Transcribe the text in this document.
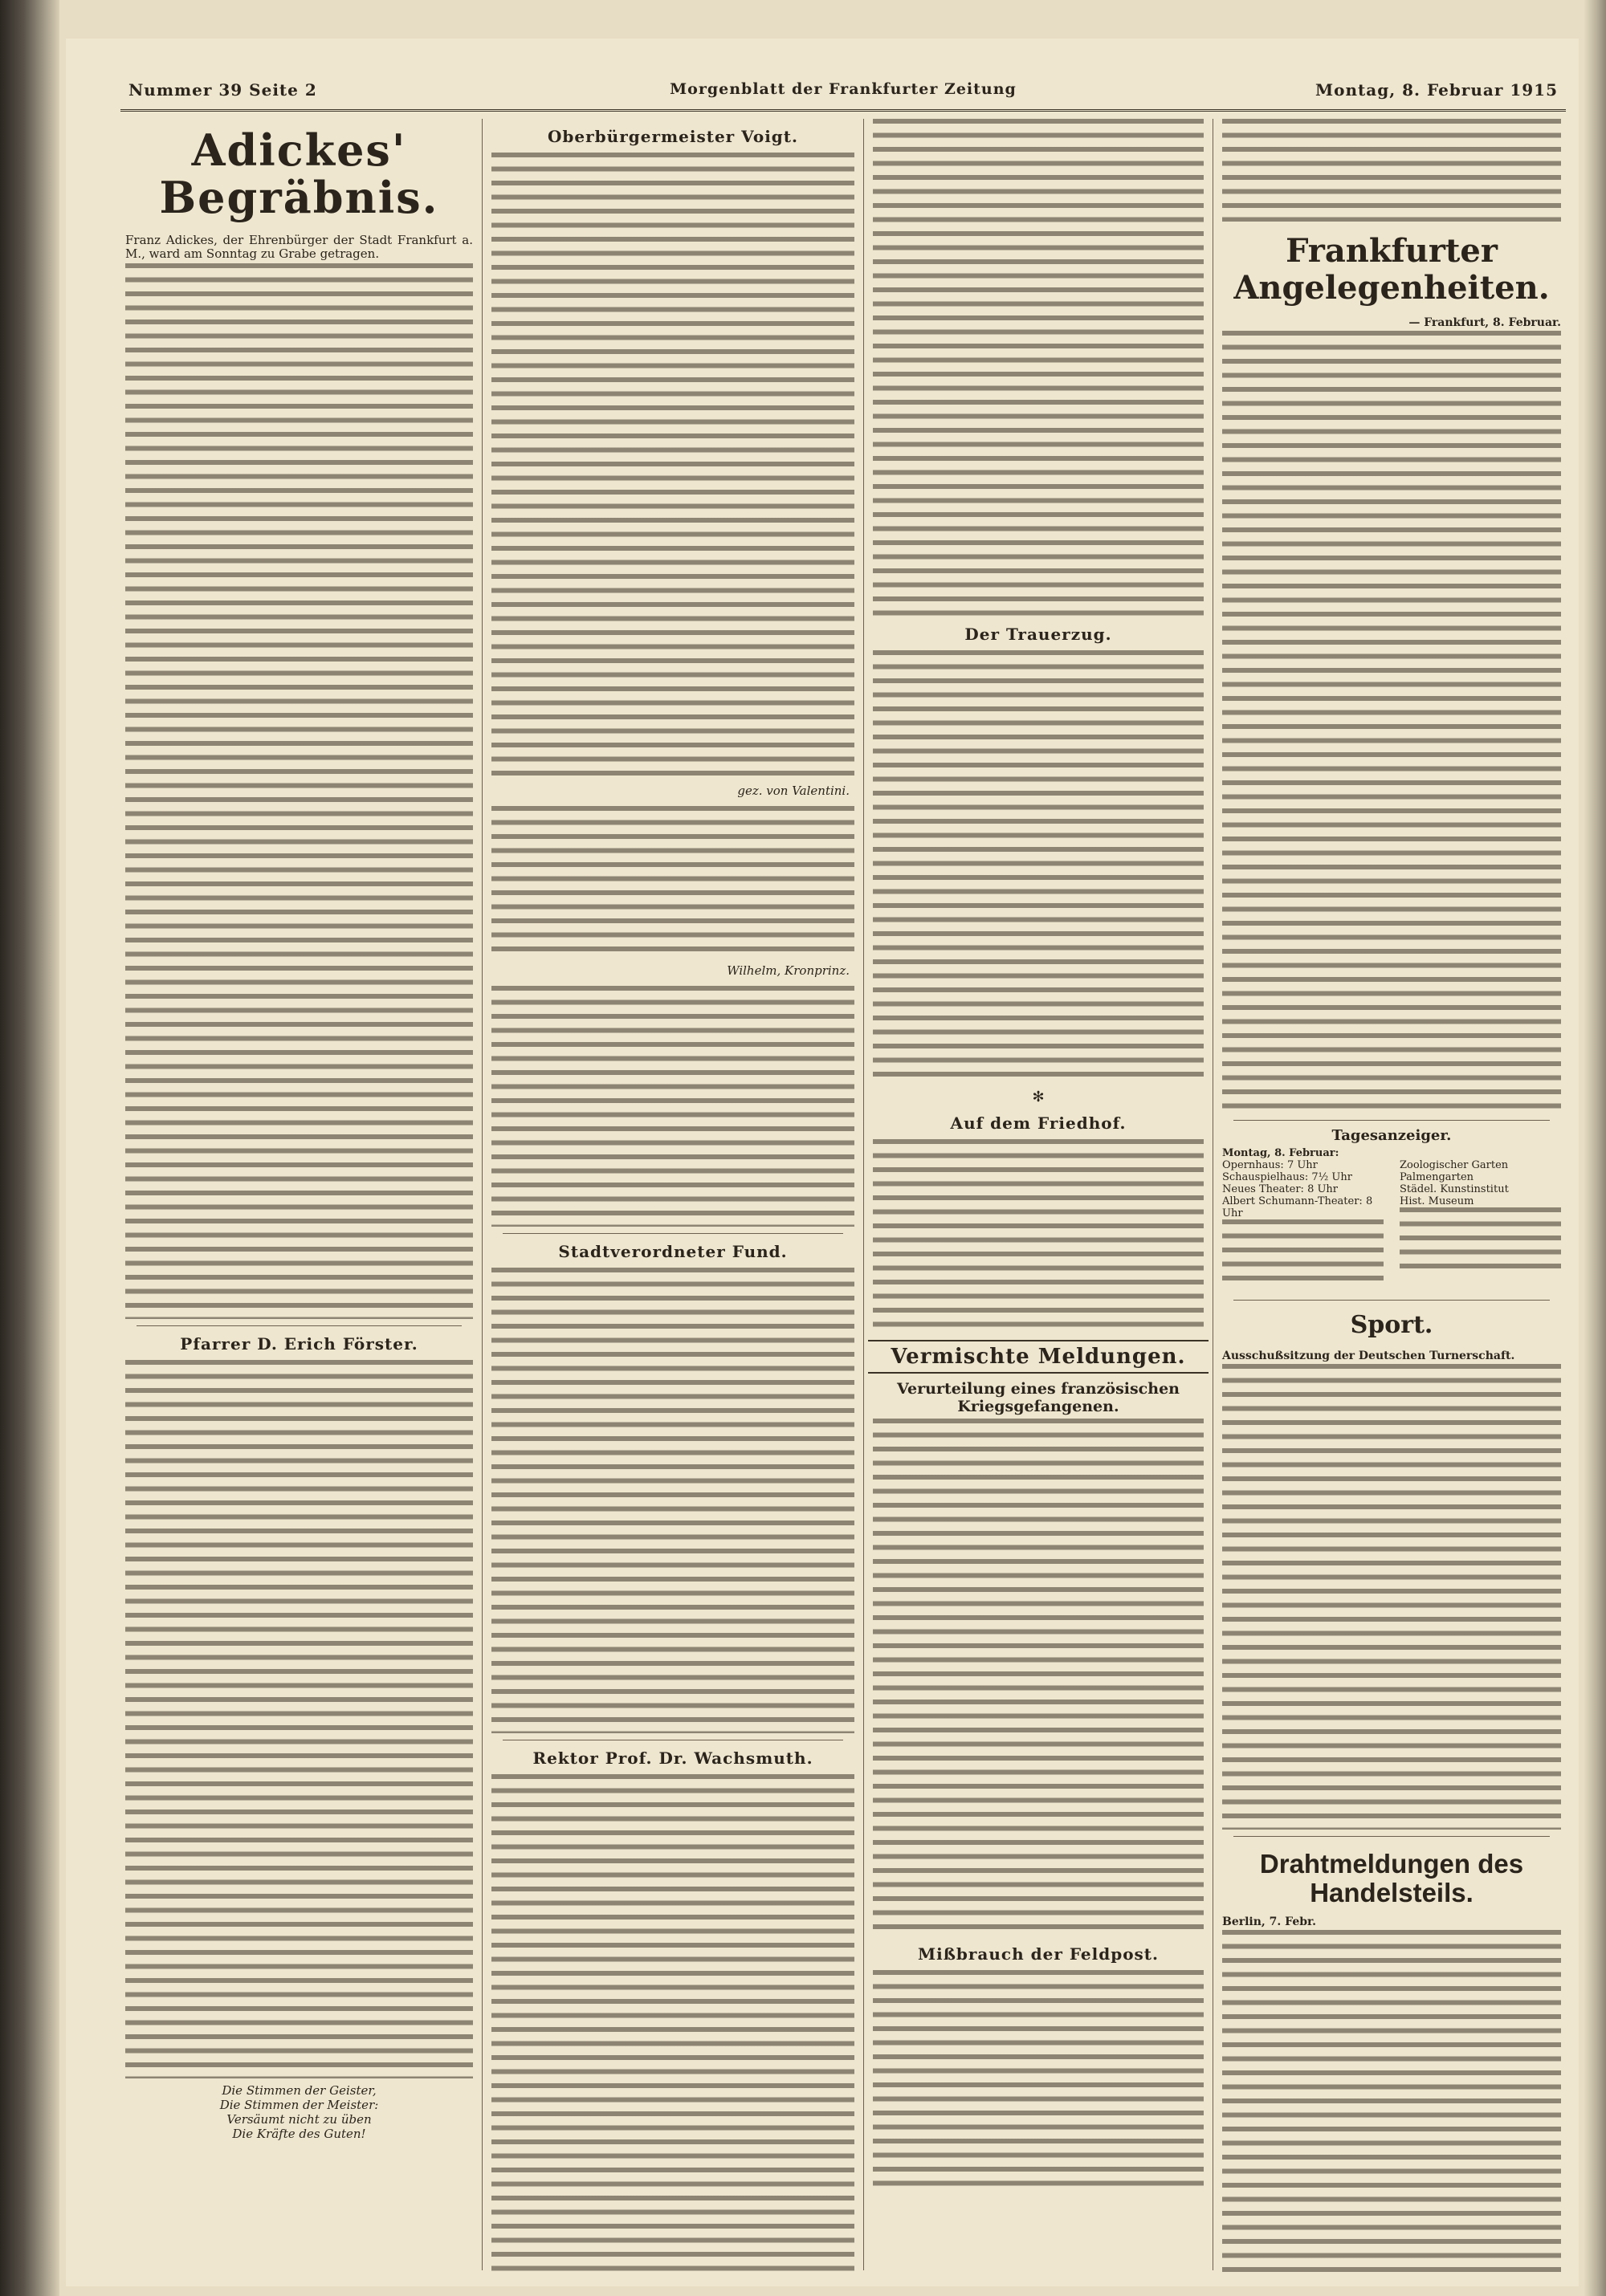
Nummer 39 Seite 2	Morgenblatt der Frankfurter Zeitung	Montag, 8. Februar 1915
Adickes' Begräbnis.
Franz Adickes, der Ehrenbürger der Stadt Frankfurt a. M., ward am Sonntag zu Grabe getragen.
Pfarrer D. Erich Förster.
Die Stimmen der Geister,
Die Stimmen der Meister:
Versäumt nicht zu üben
Die Kräfte des Guten!
Oberbürgermeister Voigt.
gez. von Valentini.
Wilhelm, Kronprinz.
Stadtverordneter Fund.
Rektor Prof. Dr. Wachsmuth.
Der Trauerzug.
✻
Auf dem Friedhof.
Vermischte Meldungen.
Verurteilung eines französischen Kriegsgefangenen.
Mißbrauch der Feldpost.
Frankfurter Angelegenheiten.
— Frankfurt, 8. Februar.
Tagesanzeiger.
Montag, 8. Februar:
Opernhaus: 7 Uhr
Schauspielhaus: 7½ Uhr
Neues Theater: 8 Uhr
Albert Schumann-Theater: 8 Uhr
Zoologischer Garten
Palmengarten
Städel. Kunstinstitut
Hist. Museum
Sport.
Ausschußsitzung der Deutschen Turnerschaft.
Drahtmeldungen des Handelsteils.
Berlin, 7. Febr.
